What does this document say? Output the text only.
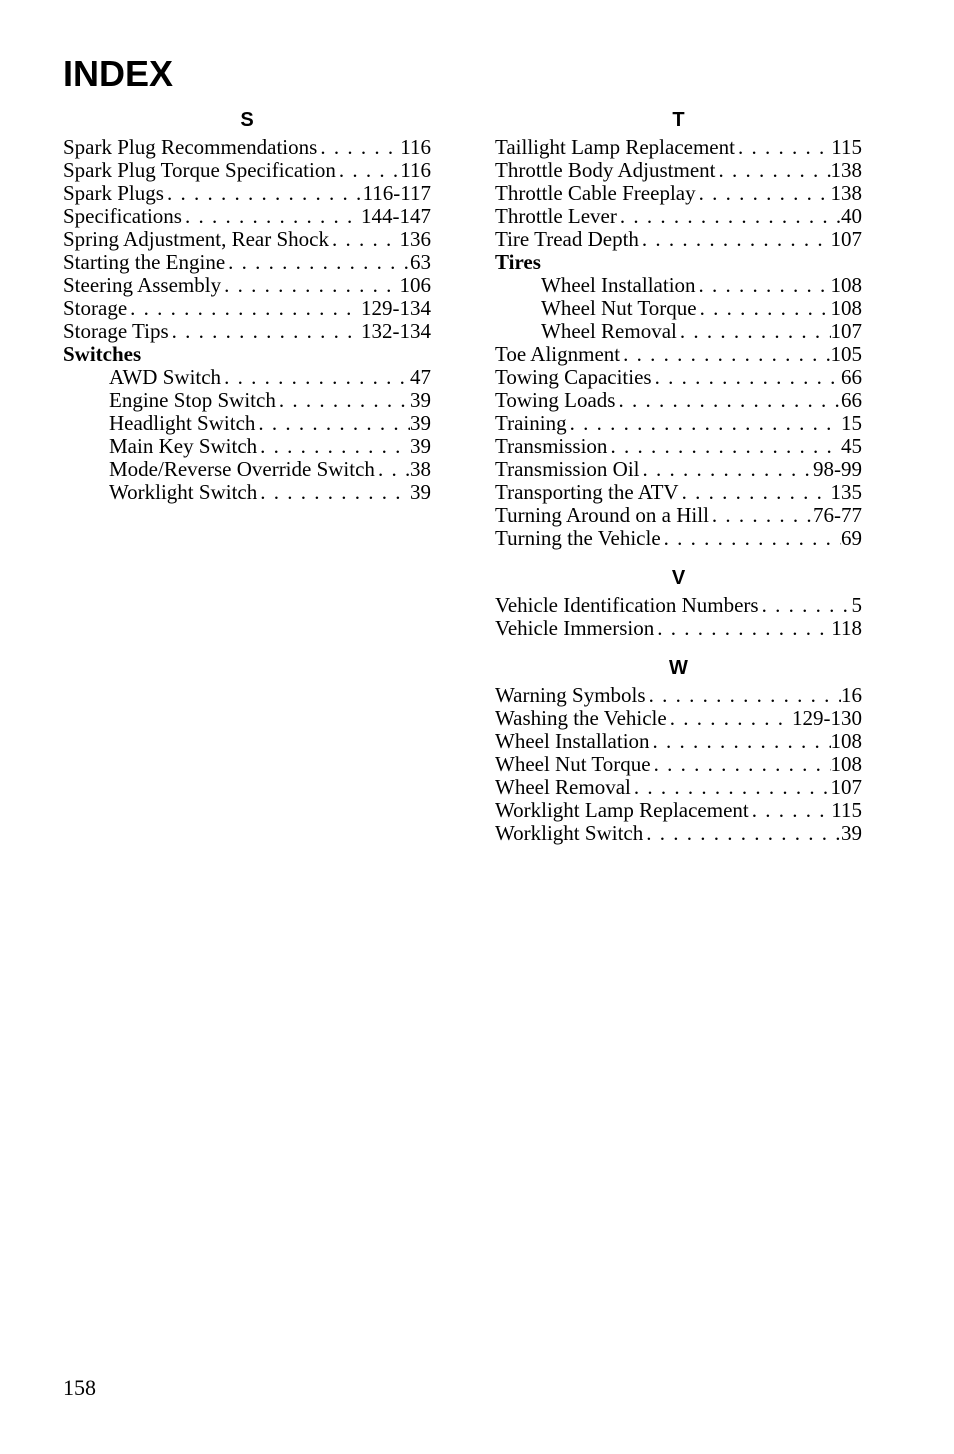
INDEX
S
Spark Plug Recommendations . . .	116
Spark Plug Torque Specification . . .	116
Spark Plugs . . .	116-117
Specifications . . .	144-147
Spring Adjustment, Rear Shock . . .	136
Starting the Engine . . .	63
Steering Assembly . . .	106
Storage . . .	129-134
Storage Tips . . .	132-134
Switches
AWD Switch . . .	47
Engine Stop Switch . . .	39
Headlight Switch . . .	39
Main Key Switch . . .	39
Mode/Reverse Override Switch . . . 38
Worklight Switch . . .	39
T
Taillight Lamp Replacement . . .	115
Throttle Body Adjustment . . .	138
Throttle Cable Freeplay . . .	138
Throttle Lever . . .	40
Tire Tread Depth . . .	107
Tires
Wheel Installation . . .	108
Wheel Nut Torque . . .	108
Wheel Removal . . .	107
Toe Alignment . . .	105
Towing Capacities . . .	66
Towing Loads . . .	66
Training . . .	15
Transmission . . .	45
Transmission Oil . . .	98-99
Transporting the ATV . . .	135
Turning Around on a Hill . . .	76-77
Turning the Vehicle . . .	69
V
Vehicle Identification Numbers . . .	5
Vehicle Immersion . . .	118
W
Warning Symbols . . .	16
Washing the Vehicle . . .	129-130
Wheel Installation . . .	108
Wheel Nut Torque . . .	108
Wheel Removal . . .	107
Worklight Lamp Replacement . . .	115
Worklight Switch . . .	39
158
